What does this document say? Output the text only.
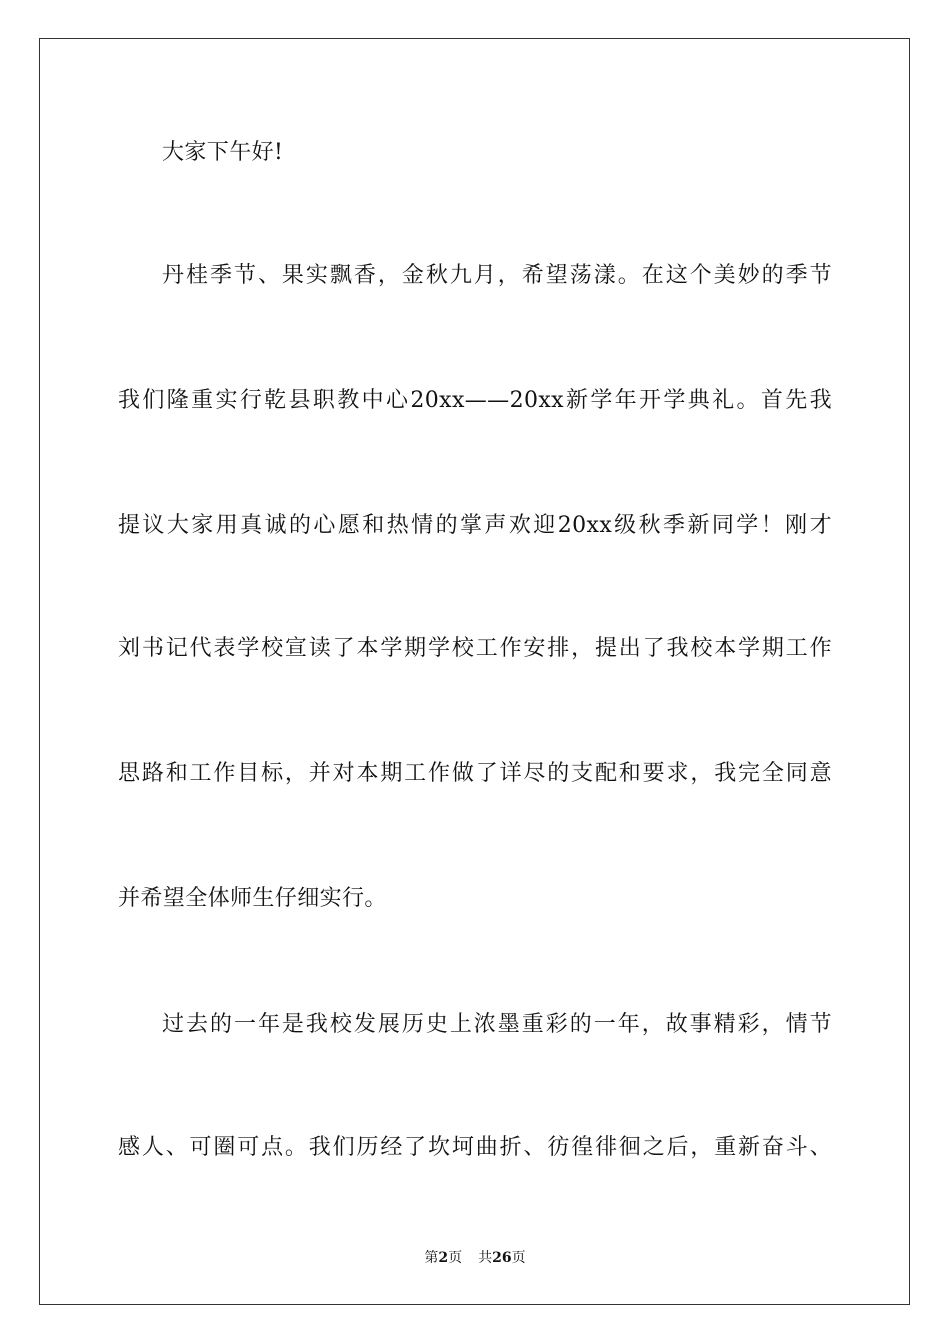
大家下午好!
丹桂季节、果实飘香，金秋九月，希望荡漾。在这个美妙的季节
我们隆重实行乾县职教中心20xx——20xx新学年开学典礼。首先我
提议大家用真诚的心愿和热情的掌声欢迎20xx级秋季新同学！刚才
刘书记代表学校宣读了本学期学校工作安排，提出了我校本学期工作
思路和工作目标，并对本期工作做了详尽的支配和要求，我完全同意
并希望全体师生仔细实行。
过去的一年是我校发展历史上浓墨重彩的一年，故事精彩，情节
感人、可圈可点。我们历经了坎坷曲折、彷徨徘徊之后，重新奋斗、
第2页 共26页
